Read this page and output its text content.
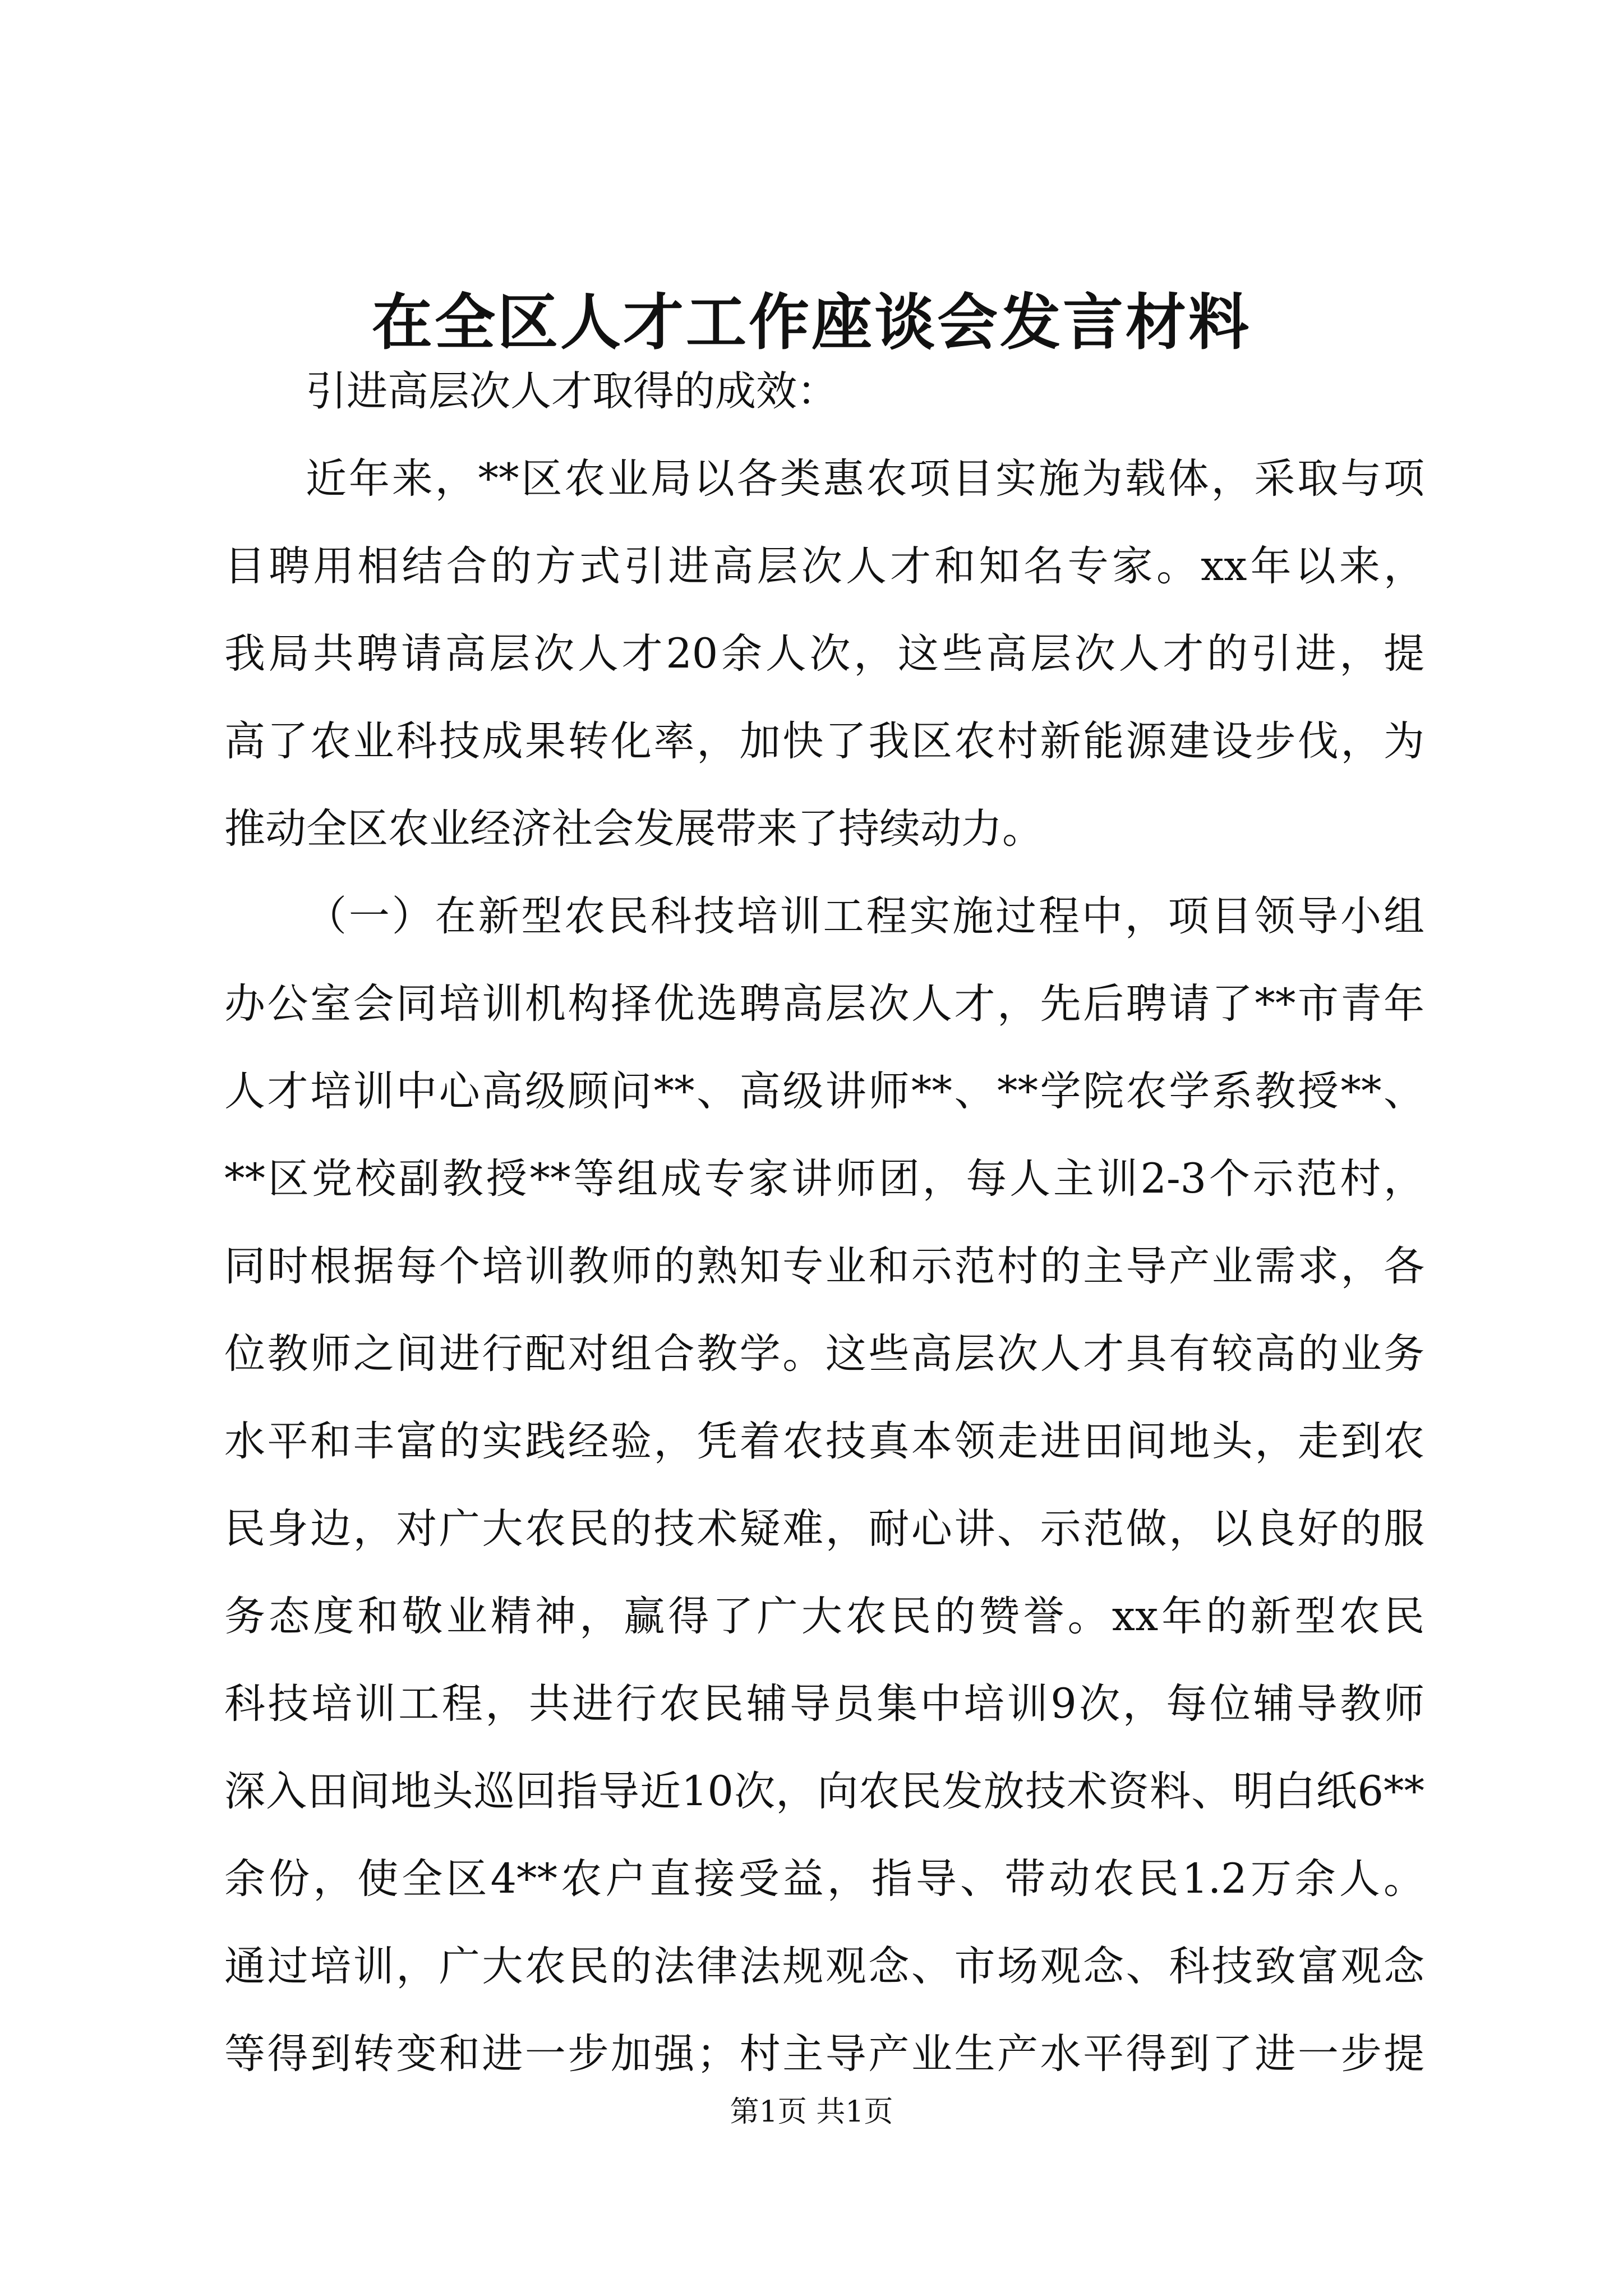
在全区人才工作座谈会发言材料
引进高层次人才取得的成效：
近年来，**区农业局以各类惠农项目实施为载体，采取与项
目聘用相结合的方式引进高层次人才和知名专家。xx年以来，
我局共聘请高层次人才20余人次，这些高层次人才的引进，提
高了农业科技成果转化率，加快了我区农村新能源建设步伐，为
推动全区农业经济社会发展带来了持续动力。
（一）在新型农民科技培训工程实施过程中，项目领导小组
办公室会同培训机构择优选聘高层次人才，先后聘请了**市青年
人才培训中心高级顾问**、高级讲师**、**学院农学系教授**、
**区党校副教授**等组成专家讲师团，每人主训2-3个示范村，
同时根据每个培训教师的熟知专业和示范村的主导产业需求，各
位教师之间进行配对组合教学。这些高层次人才具有较高的业务
水平和丰富的实践经验，凭着农技真本领走进田间地头，走到农
民身边，对广大农民的技术疑难，耐心讲、示范做，以良好的服
务态度和敬业精神，赢得了广大农民的赞誉。xx年的新型农民
科技培训工程，共进行农民辅导员集中培训9次，每位辅导教师
深入田间地头巡回指导近10次，向农民发放技术资料、明白纸6**
余份，使全区4**农户直接受益，指导、带动农民1.2万余人。
通过培训，广大农民的法律法规观念、市场观念、科技致富观念
等得到转变和进一步加强；村主导产业生产水平得到了进一步提
第1页 共1页
